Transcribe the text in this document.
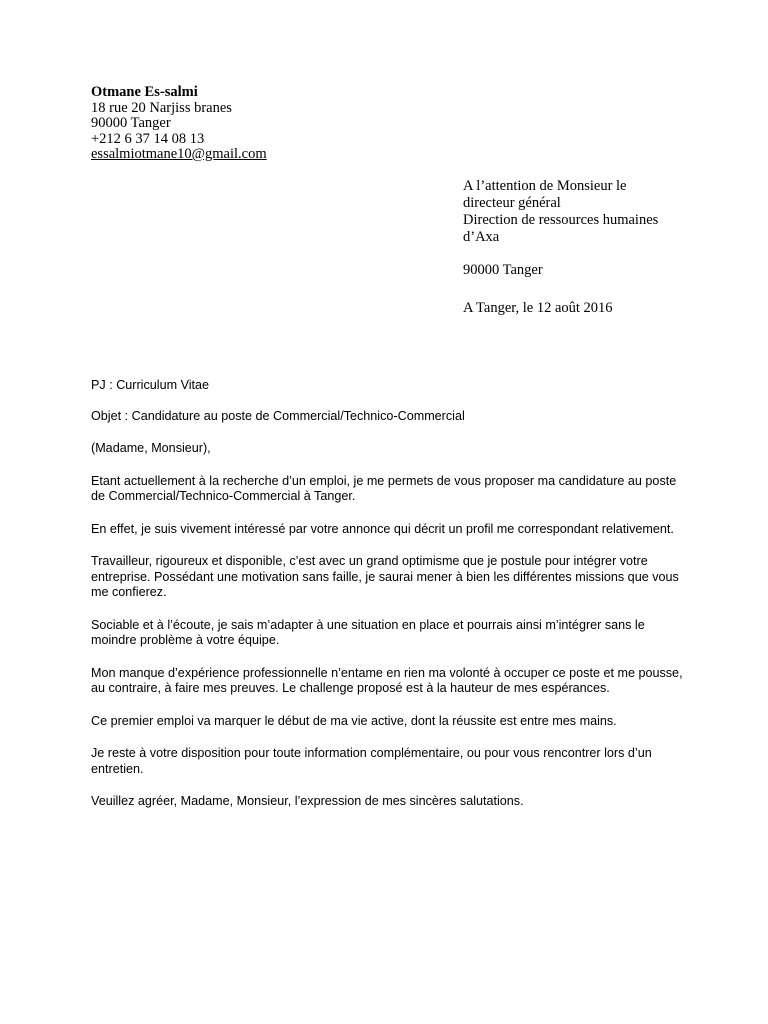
Otmane Es-salmi
18 rue 20 Narjiss branes
90000 Tanger
+212 6 37 14 08 13
essalmiotmane10@gmail.com
A l’attention de Monsieur le
directeur général
Direction de ressources humaines
d’Axa
90000 Tanger
A Tanger, le 12 août 2016

PJ : Curriculum Vitae

Objet : Candidature au poste de Commercial/Technico-Commercial

(Madame, Monsieur),

Etant actuellement à la recherche d’un emploi, je me permets de vous proposer ma candidature au poste de Commercial/Technico-Commercial à Tanger.

En effet, je suis vivement intéressé par votre annonce qui décrit un profil me correspondant relativement.

Travailleur, rigoureux et disponible, c’est avec un grand optimisme que je postule pour intégrer votre entreprise. Possédant une motivation sans faille, je saurai mener à bien les différentes missions que vous me confierez.

Sociable et à l’écoute, je sais m’adapter à une situation en place et pourrais ainsi m’intégrer sans le moindre problème à votre équipe.

Mon manque d’expérience professionnelle n’entame en rien ma volonté à occuper ce poste et me pousse, au contraire, à faire mes preuves. Le challenge proposé est à la hauteur de mes espérances.

Ce premier emploi va marquer le début de ma vie active, dont la réussite est entre mes mains.

Je reste à votre disposition pour toute information complémentaire, ou pour vous rencontrer lors d’un entretien.

Veuillez agréer, Madame, Monsieur, l’expression de mes sincères salutations.
